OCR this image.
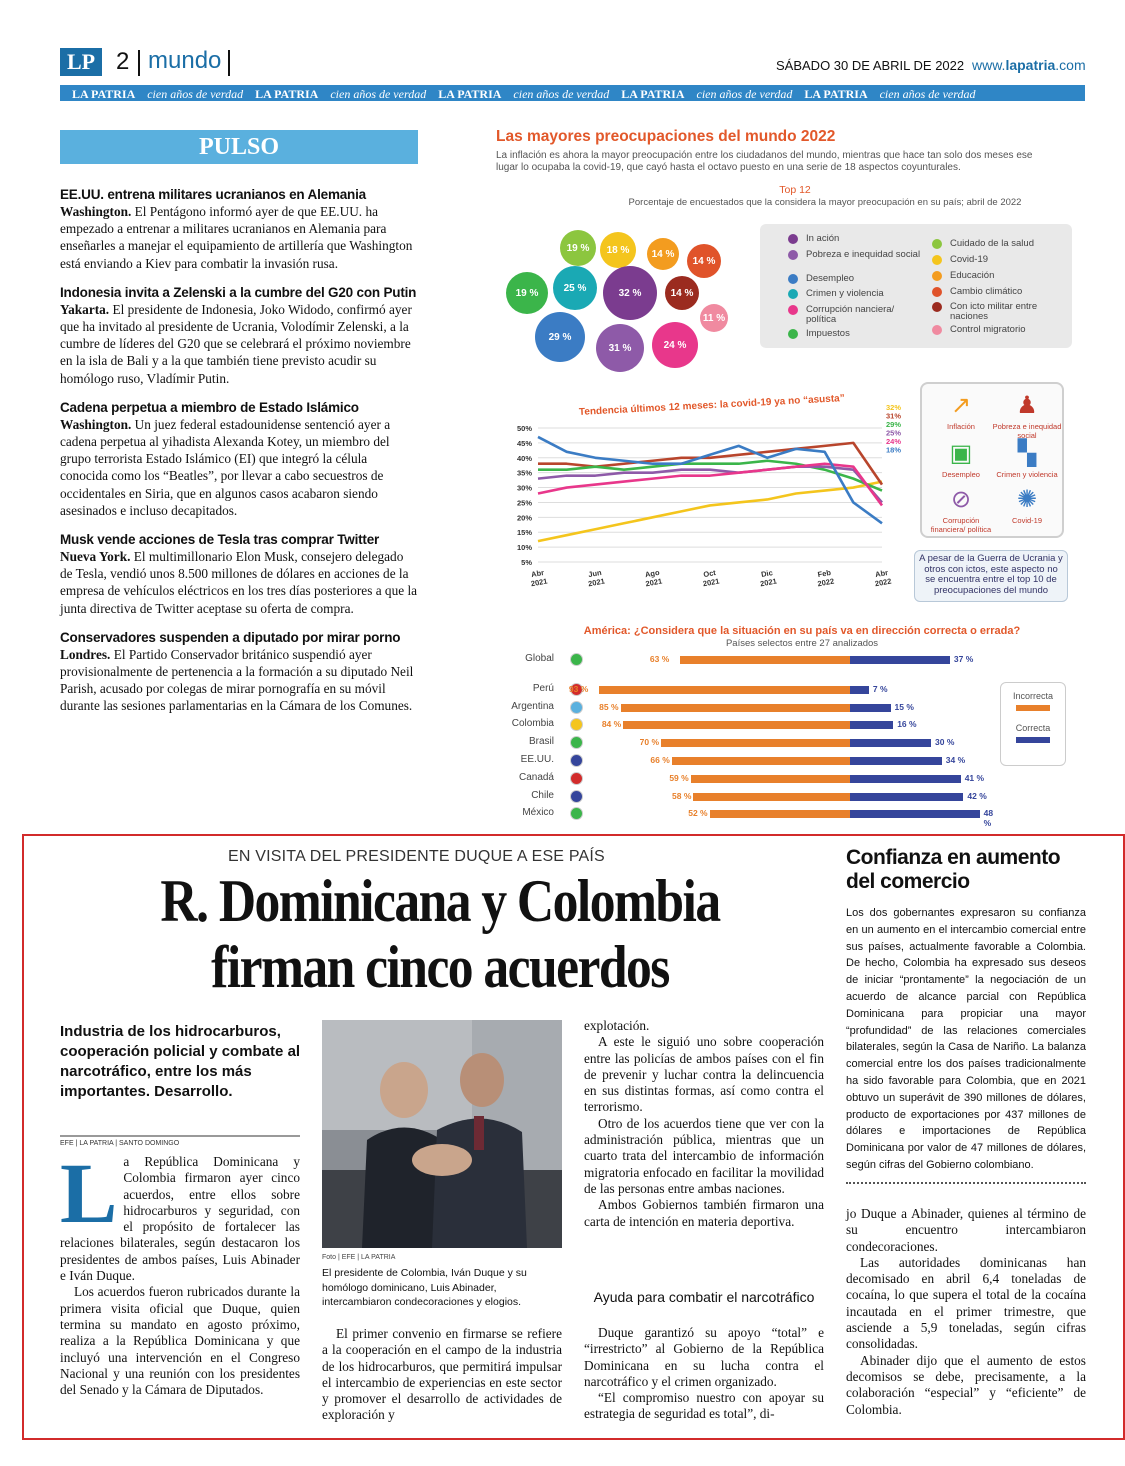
LP 2 mundo	SÁBADO 30 DE ABRIL DE 2022 www.lapatria.com
LA PATRIA cien años de verdad LA PATRIA cien años de verdad LA PATRIA cien años de verdad LA PATRIA cien años de verdad LA PATRIA cien años de verdad
PULSO
EE.UU. entrena militares ucranianos en Alemania

Washington. El Pentágono informó ayer de que EE.UU. ha empezado a entrenar a militares ucranianos en Alemania para enseñarles a manejar el equipamiento de artillería que Washington está enviando a Kiev para combatir la invasión rusa.

Indonesia invita a Zelenski a la cumbre del G20 con Putin

Yakarta. El presidente de Indonesia, Joko Widodo, confirmó ayer que ha invitado al presidente de Ucrania, Volodímir Zelenski, a la cumbre de líderes del G20 que se celebrará el próximo noviembre en la isla de Bali y a la que también tiene previsto acudir su homólogo ruso, Vladímir Putin.

Cadena perpetua a miembro de Estado Islámico

Washington. Un juez federal estadounidense sentenció ayer a cadena perpetua al yihadista Alexanda Kotey, un miembro del grupo terrorista Estado Islámico (EI) que integró la célula conocida como los “Beatles”, por llevar a cabo secuestros de occidentales en Siria, que en algunos casos acabaron siendo asesinados e incluso decapitados.

Musk vende acciones de Tesla tras comprar Twitter

Nueva York. El multimillonario Elon Musk, consejero delegado de Tesla, vendió unos 8.500 millones de dólares en acciones de la empresa de vehículos eléctricos en los tres días posteriores a que la junta directiva de Twitter aceptase su oferta de compra.

Conservadores suspenden a diputado por mirar porno

Londres. El Partido Conservador británico suspendió ayer provisionalmente de pertenencia a la formación a su diputado Neil Parish, acusado por colegas de mirar pornografía en su móvil durante las sesiones parlamentarias en la Cámara de los Comunes.

Las mayores preocupaciones del mundo 2022
La inflación es ahora la mayor preocupación entre los ciudadanos del mundo, mientras que hace tan solo dos meses ese lugar lo ocupaba la covid-19, que cayó hasta el octavo puesto en una serie de 18 aspectos coyunturales.
Top 12
Porcentaje de encuestados que la considera la mayor preocupación en su país; abril de 2022
19 %	18 %	14 %
14 %
19 %	25 %	32 %	14 %
11 %
29 %
31 %	24 %
In ación
Pobreza e inequidad social
Desempleo
Crimen y violencia
Corrupción nanciera/ política
Impuestos
Cuidado de la salud
Covid-19
Educación
Cambio climático
Con icto militar entre naciones
Control migratorio
Tendencia últimos 12 meses: la covid-19 ya no “asusta”
5%
10%
15%
20%
25%
30%
35%
40%
45%
50%
Abr2021
Jun2021
Ago2021
Oct2021
Dic2021
Feb2022
Abr2022
32%
31%
29%
25%
24%
18%
↗
Inflación
♟
Pobreza e inequidad social
▣
Desempleo
▚
Crimen y violencia
⊘
Corrupción financiera/ política
✺
Covid-19
A pesar de la Guerra de Ucrania y otros con ictos, este aspecto no se encuentra entre el top 10 de preocupaciones del mundo
América: ¿Considera que la situación en su país va en dirección correcta o errada?
Países selectos entre 27 analizados
Global	63 %	37 %
Perú 93 %	7 %
Argentina	85 %	15 %
Colombia	84 %	16 %
Brasil	70 %	30 %
EE.UU.	66 %	34 %
Canadá	59 %	41 %
Chile	58 %	42 %
México	52 %	48 %
Incorrecta
Correcta
EN VISITA DEL PRESIDENTE DUQUE A ESE PAÍS
R. Dominicana y Colombia firman cinco acuerdos
Industria de los hidrocarburos, cooperación policial y combate al narcotráfico, entre los más importantes. Desarrollo.
EFE | LA PATRIA | SANTO DOMINGO
L a República Dominicana y Colombia firmaron ayer cinco acuerdos, entre ellos sobre hidrocarburos y seguridad, con el propósito de fortalecer las relaciones bilaterales, según destacaron los presidentes de ambos países, Luis Abinader e Iván Duque.

Los acuerdos fueron rubricados durante la primera visita oficial que Duque, quien termina su mandato en agosto próximo, realiza a la República Dominicana y que incluyó una intervención en el Congreso Nacional y una reunión con los presidentes del Senado y la Cámara de Diputados.

Foto | EFE | LA PATRIA
El presidente de Colombia, Iván Duque y su homólogo dominicano, Luis Abinader, intercambiaron condecoraciones y elogios.

El primer convenio en firmarse se refiere a la cooperación en el campo de la industria de los hidrocarburos, que permitirá impulsar el intercambio de experiencias en este sector y promover el desarrollo de actividades de exploración y

explotación.

A este le siguió uno sobre cooperación entre las policías de ambos países con el fin de prevenir y luchar contra la delincuencia en sus distintas formas, así como contra el terrorismo.

Otro de los acuerdos tiene que ver con la administración pública, mientras que un cuarto trata del intercambio de información migratoria enfocado en facilitar la movilidad de las personas entre ambas naciones.

Ambos Gobiernos también firmaron una carta de intención en materia deportiva.

Ayuda para combatir el narcotráfico

Duque garantizó su apoyo “total” e “irrestricto” al Gobierno de la República Dominicana en su lucha contra el narcotráfico y el crimen organizado.

“El compromiso nuestro con apoyar su estrategia de seguridad es total”, di-

Confianza en aumento del comercio
Los dos gobernantes expresaron su confianza en un aumento en el intercambio comercial entre sus países, actualmente favorable a Colombia. De hecho, Colombia ha expresado sus deseos de iniciar “prontamente” la negociación de un acuerdo de alcance parcial con República Dominicana para propiciar una mayor “profundidad” de las relaciones comerciales bilaterales, según la Casa de Nariño. La balanza comercial entre los dos países tradicionalmente ha sido favorable para Colombia, que en 2021 obtuvo un superávit de 390 millones de dólares, producto de exportaciones por 437 millones de dólares e importaciones de República Dominicana por valor de 47 millones de dólares, según cifras del Gobierno colombiano.

jo Duque a Abinader, quienes al término de su encuentro intercambiaron condecoraciones.

Las autoridades dominicanas han decomisado en abril 6,4 toneladas de cocaína, lo que supera el total de la cocaína incautada en el primer trimestre, que asciende a 5,9 toneladas, según cifras consolidadas.

Abinader dijo que el aumento de estos decomisos se debe, precisamente, a la colaboración “especial” y “eficiente” de Colombia.
